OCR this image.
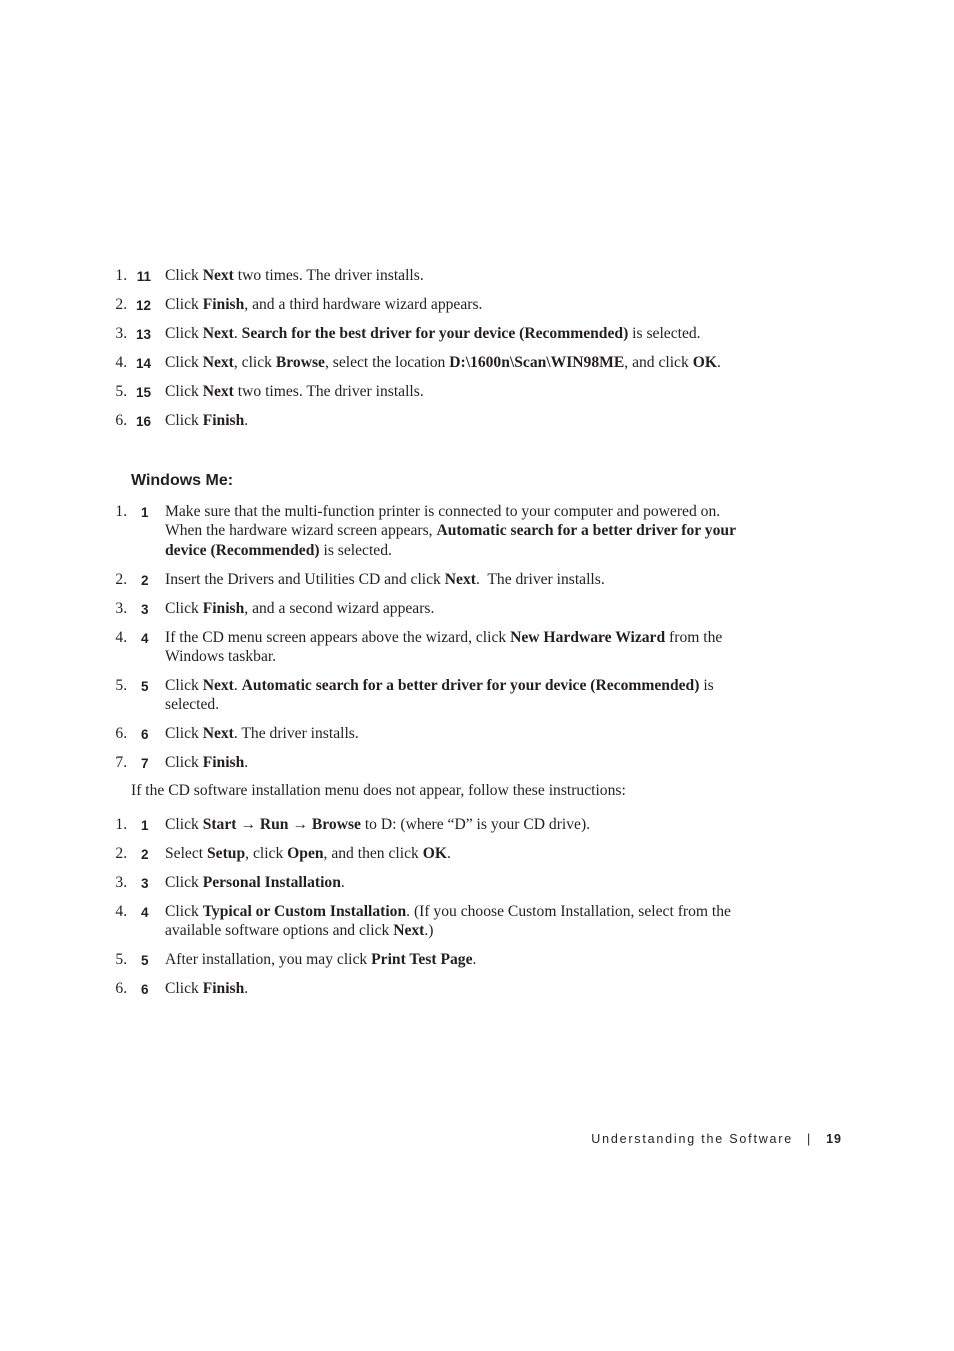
1. 11 Click Next two times. The driver installs.
2. 12 Click Finish, and a third hardware wizard appears.
3. 13 Click Next. Search for the best driver for your device (Recommended) is selected.
4. 14 Click Next, click Browse, select the location D:\1600n\Scan\WIN98ME, and click OK.
5. 15 Click Next two times. The driver installs.
6. 16 Click Finish.
Windows Me:
1. 1 Make sure that the multi-function printer is connected to your computer and powered on. When the hardware wizard screen appears, Automatic search for a better driver for your device (Recommended) is selected.
2. 2 Insert the Drivers and Utilities CD and click Next.  The driver installs.
3. 3 Click Finish, and a second wizard appears.
4. 4 If the CD menu screen appears above the wizard, click New Hardware Wizard from the Windows taskbar.
5. 5 Click Next. Automatic search for a better driver for your device (Recommended) is selected.
6. 6 Click Next. The driver installs.
7. 7 Click Finish.

If the CD software installation menu does not appear, follow these instructions:

1. 1 Click Start → Run → Browse to D: (where “D” is your CD drive).
2. 2 Select Setup, click Open, and then click OK.
3. 3 Click Personal Installation.
4. 4 Click Typical or Custom Installation. (If you choose Custom Installation, select from the available software options and click Next.)
5. 5 After installation, you may click Print Test Page.
6. 6 Click Finish.
Understanding the Software | 19
